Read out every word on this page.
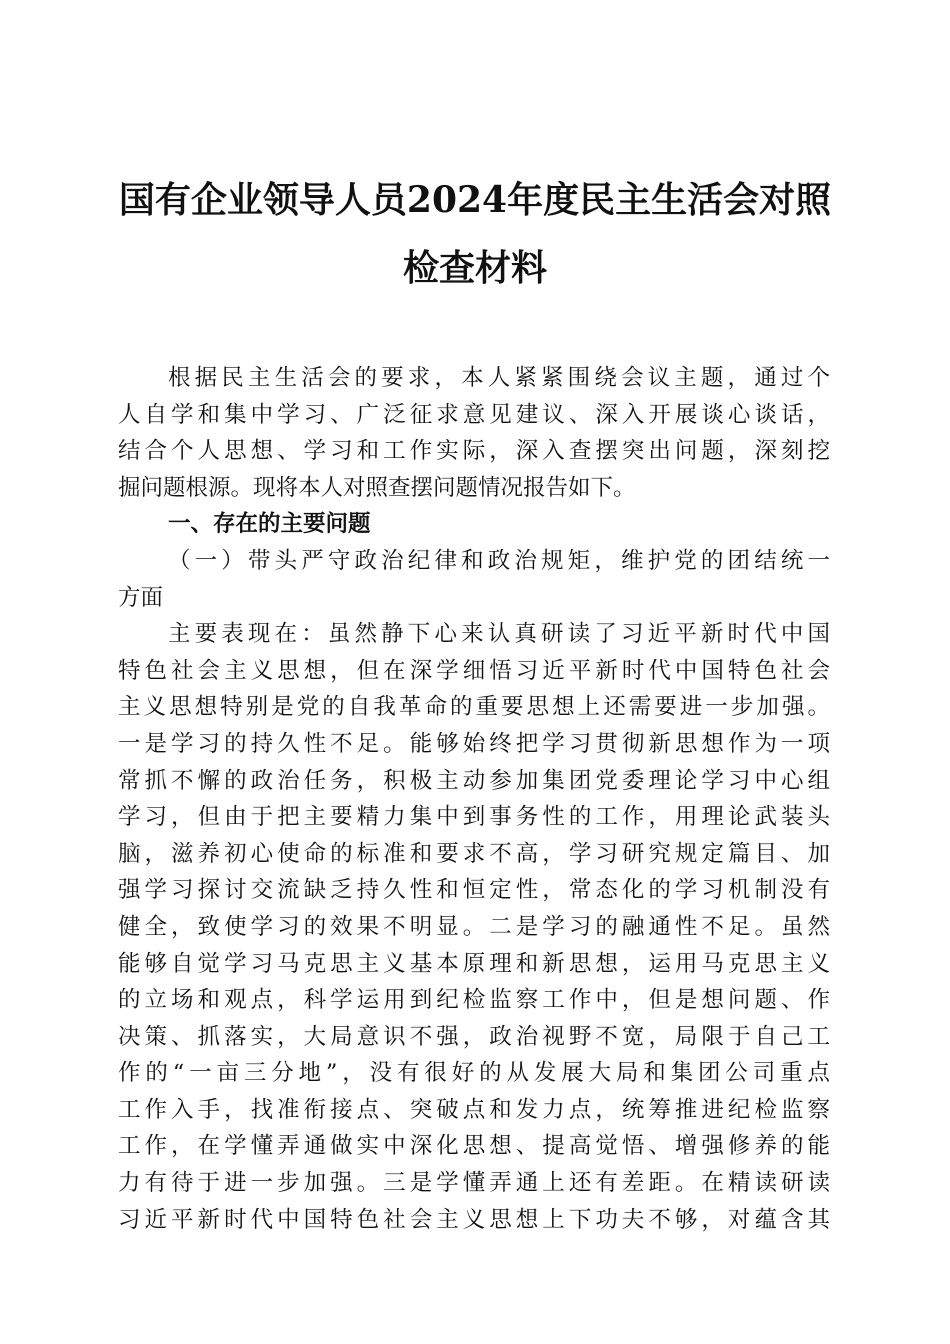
国有企业领导人员2024年度民主生活会对照
检查材料
根据民主生活会的要求，本人紧紧围绕会议主题，通过个
人自学和集中学习、广泛征求意见建议、深入开展谈心谈话，
结合个人思想、学习和工作实际，深入查摆突出问题，深刻挖
掘问题根源。现将本人对照查摆问题情况报告如下。
一、存在的主要问题
（一）带头严守政治纪律和政治规矩，维护党的团结统一
方面
主要表现在：虽然静下心来认真研读了习近平新时代中国
特色社会主义思想，但在深学细悟习近平新时代中国特色社会
主义思想特别是党的自我革命的重要思想上还需要进一步加强。
一是学习的持久性不足。能够始终把学习贯彻新思想作为一项
常抓不懈的政治任务，积极主动参加集团党委理论学习中心组
学习，但由于把主要精力集中到事务性的工作，用理论武装头
脑，滋养初心使命的标准和要求不高，学习研究规定篇目、加
强学习探讨交流缺乏持久性和恒定性，常态化的学习机制没有
健全，致使学习的效果不明显。二是学习的融通性不足。虽然
能够自觉学习马克思主义基本原理和新思想，运用马克思主义
的立场和观点，科学运用到纪检监察工作中，但是想问题、作
决策、抓落实，大局意识不强，政治视野不宽，局限于自己工
作的“一亩三分地”，没有很好的从发展大局和集团公司重点
工作入手，找准衔接点、突破点和发力点，统筹推进纪检监察
工作，在学懂弄通做实中深化思想、提高觉悟、增强修养的能
力有待于进一步加强。三是学懂弄通上还有差距。在精读研读
习近平新时代中国特色社会主义思想上下功夫不够，对蕴含其
